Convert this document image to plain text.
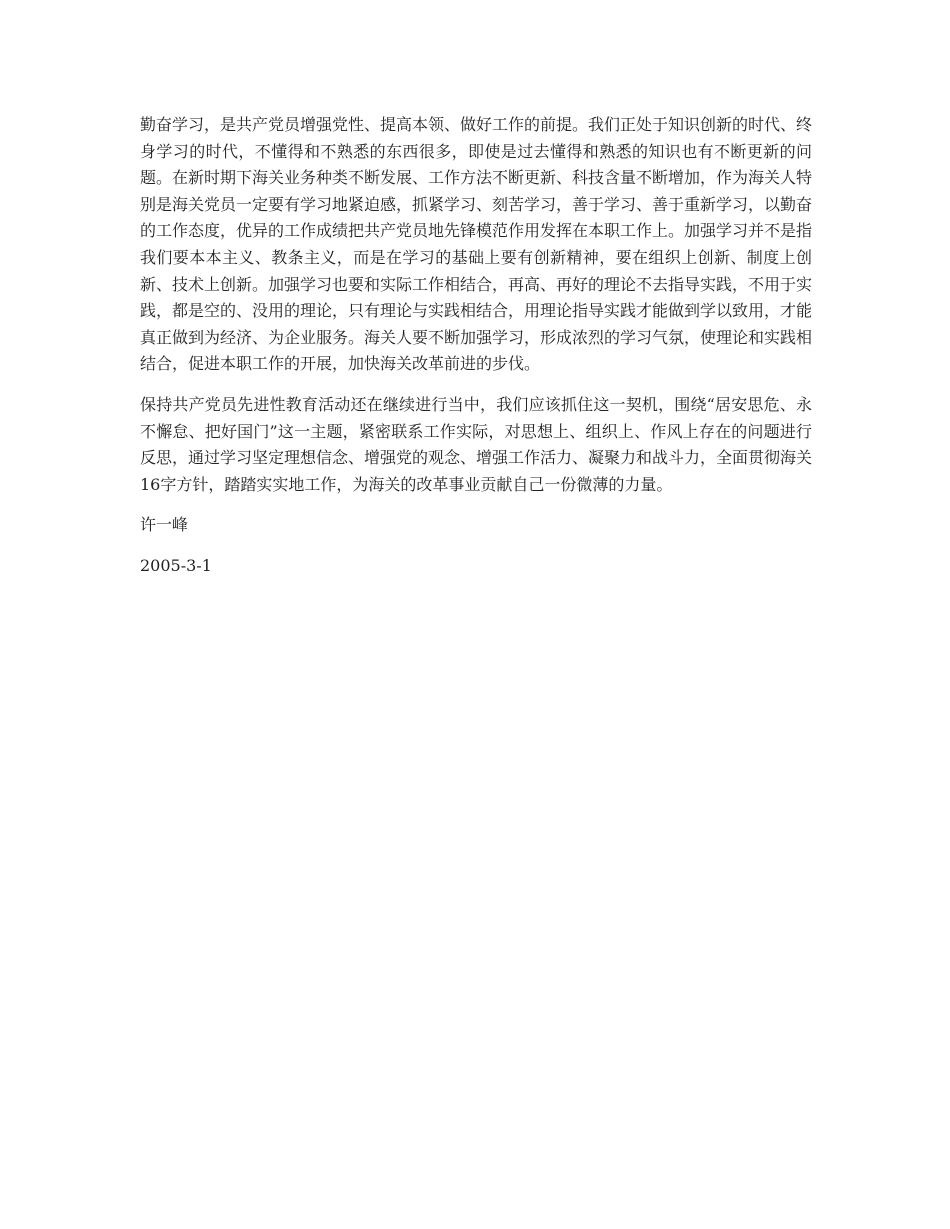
勤奋学习，是共产党员增强党性、提高本领、做好工作的前提。我们正处于知识创新的时代、终身学习的时代，不懂得和不熟悉的东西很多，即使是过去懂得和熟悉的知识也有不断更新的问题。在新时期下海关业务种类不断发展、工作方法不断更新、科技含量不断增加，作为海关人特别是海关党员一定要有学习地紧迫感，抓紧学习、刻苦学习，善于学习、善于重新学习，以勤奋的工作态度，优异的工作成绩把共产党员地先锋模范作用发挥在本职工作上。加强学习并不是指我们要本本主义、教条主义，而是在学习的基础上要有创新精神，要在组织上创新、制度上创新、技术上创新。加强学习也要和实际工作相结合，再高、再好的理论不去指导实践，不用于实践，都是空的、没用的理论，只有理论与实践相结合，用理论指导实践才能做到学以致用，才能真正做到为经济、为企业服务。海关人要不断加强学习，形成浓烈的学习气氛，使理论和实践相结合，促进本职工作的开展，加快海关改革前进的步伐。

保持共产党员先进性教育活动还在继续进行当中，我们应该抓住这一契机，围绕“居安思危、永不懈怠、把好国门”这一主题，紧密联系工作实际，对思想上、组织上、作风上存在的问题进行反思，通过学习坚定理想信念、增强党的观念、增强工作活力、凝聚力和战斗力，全面贯彻海关16字方针，踏踏实实地工作，为海关的改革事业贡献自己一份微薄的力量。

许一峰

2005-3-1
